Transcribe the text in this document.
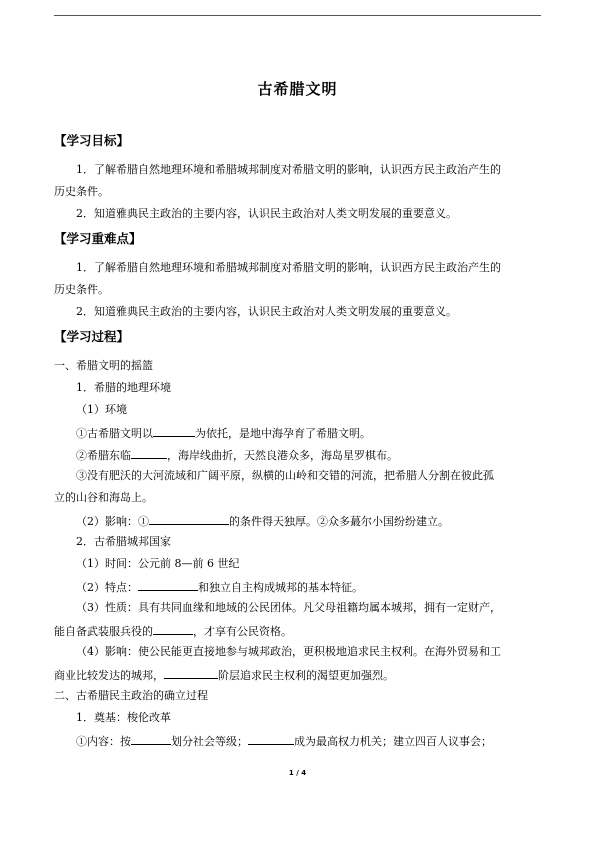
古希腊文明
【学习目标】
1．了解希腊自然地理环境和希腊城邦制度对希腊文明的影响，认识西方民主政治产生的
历史条件。
2．知道雅典民主政治的主要内容，认识民主政治对人类文明发展的重要意义。
【学习重难点】
1．了解希腊自然地理环境和希腊城邦制度对希腊文明的影响，认识西方民主政治产生的
历史条件。
2．知道雅典民主政治的主要内容，认识民主政治对人类文明发展的重要意义。
【学习过程】
一、希腊文明的摇篮
1．希腊的地理环境
（1）环境
①古希腊文明以	为依托，是地中海孕育了希腊文明。
②希腊东临	，海岸线曲折，天然良港众多，海岛星罗棋布。
③没有肥沃的大河流域和广阔平原，纵横的山岭和交错的河流，把希腊人分割在彼此孤
立的山谷和海岛上。
（2）影响：①	的条件得天独厚。②众多蕞尔小国纷纷建立。
2．古希腊城邦国家
（1）时间：公元前 8—前 6 世纪
（2）特点：	和独立自主构成城邦的基本特征。
（3）性质：具有共同血缘和地域的公民团体。凡父母祖籍均属本城邦，拥有一定财产，
能自备武装服兵役的	，才享有公民资格。
（4）影响：使公民能更直接地参与城邦政治，更积极地追求民主权利。在海外贸易和工
商业比较发达的城邦，	阶层追求民主权利的渴望更加强烈。
二、古希腊民主政治的确立过程
1．奠基：梭伦改革
①内容：按	划分社会等级；	成为最高权力机关；建立四百人议事会；
1 / 4
